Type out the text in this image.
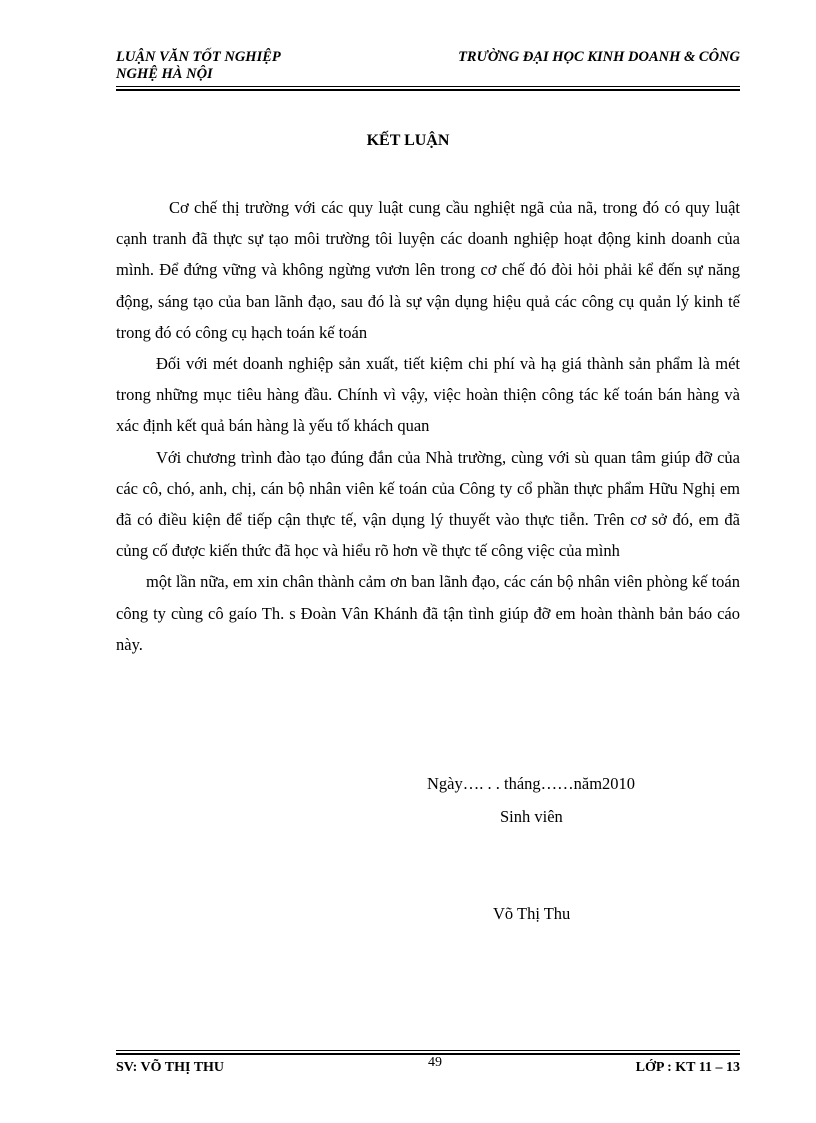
LUẬN VĂN TỐT NGHIỆP
NGHỆ HÀ NỘI
TRƯỜNG ĐẠI HỌC KINH DOANH & CÔNG
KẾT LUẬN

Cơ chế thị trường với các quy luật cung cầu nghiệt ngã của nã, trong đó có quy luật cạnh tranh đã thực sự tạo môi trường tôi luyện các doanh nghiệp hoạt động kinh doanh của mình. Để đứng vững và không ngừng vươn lên trong cơ chế đó đòi hỏi phải kể đến sự năng động, sáng tạo của ban lãnh đạo, sau đó là sự vận dụng hiệu quả các công cụ quản lý kinh tế trong đó có công cụ hạch toán kế toán

Đối với mét doanh nghiệp sản xuất, tiết kiệm chi phí và hạ giá thành sản phẩm là mét trong những mục tiêu hàng đầu. Chính vì vậy, việc hoàn thiện công tác kế toán bán hàng và xác định kết quả bán hàng là yếu tố khách quan

Với chương trình đào tạo đúng đắn của Nhà trường, cùng với sù quan tâm giúp đỡ của các cô, chó, anh, chị, cán bộ nhân viên kế toán của Công ty cổ phần thực phẩm Hữu Nghị em đã có điều kiện để tiếp cận thực tế, vận dụng lý thuyết vào thực tiễn. Trên cơ sở đó, em đã củng cố được kiến thức đã học và hiểu rõ hơn về thực tế công việc của mình

một lần nữa, em xin chân thành cảm ơn ban lãnh đạo, các cán bộ nhân viên phòng kế toán công ty cùng cô gaío Th. s Đoàn Vân Khánh đã tận tình giúp đỡ em hoàn thành bản báo cáo này.

Ngày…. . . tháng……năm2010
Sinh viên
Võ Thị Thu
SV: VÕ THỊ THU	49	LỚP : KT 11 – 13
